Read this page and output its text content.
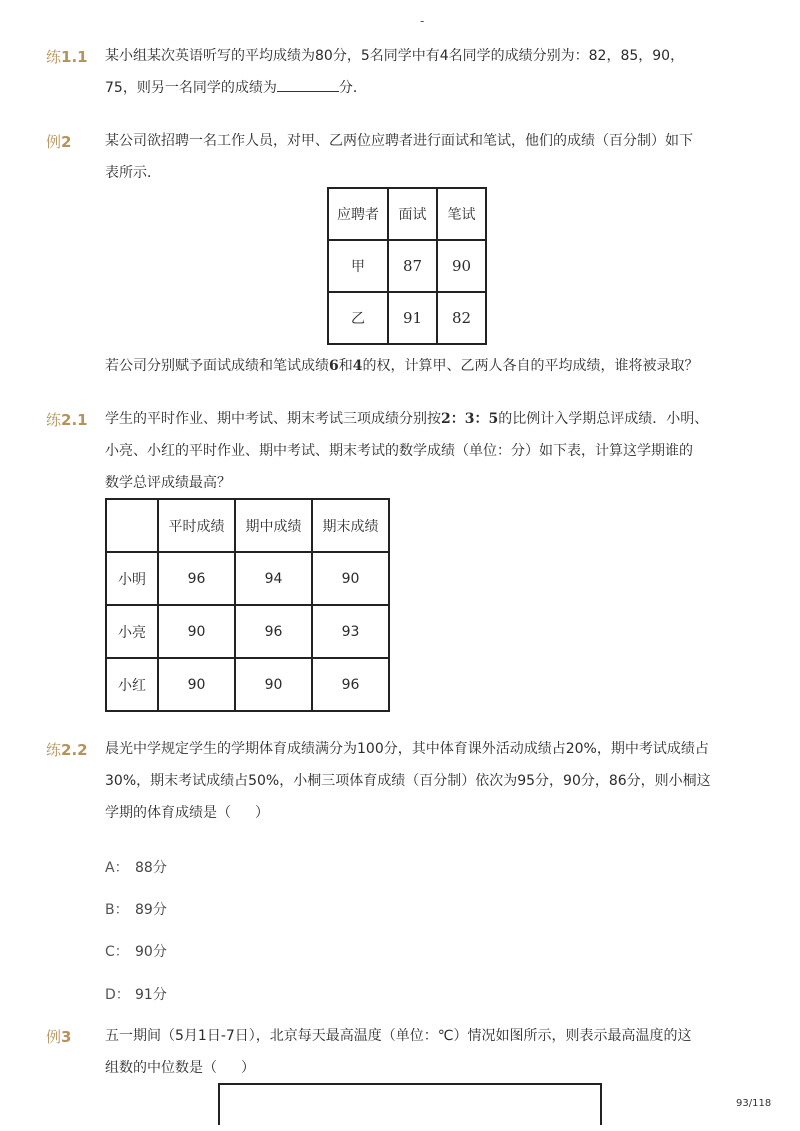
-
练1.1 某小组某次英语听写的平均成绩为80分，5名同学中有4名同学的成绩分别为：82，85，90，
75，则另一名同学的成绩为	分．
例2 某公司欲招聘一名工作人员，对甲、乙两位应聘者进行面试和笔试，他们的成绩（百分制）如下
表所示．
应聘者	面试	笔试
甲	87	90
乙	91	82
若公司分别赋予面试成绩和笔试成绩6和4的权，计算甲、乙两人各自的平均成绩，谁将被录取？
练2.1 学生的平时作业、期中考试、期末考试三项成绩分别按2：3：5的比例计入学期总评成绩．小明、
小亮、小红的平时作业、期中考试、期末考试的数学成绩（单位：分）如下表，计算这学期谁的
数学总评成绩最高？
	平时成绩	期中成绩	期末成绩
小明	96	94	90
小亮	90	96	93
小红	90	90	96
练2.2 晨光中学规定学生的学期体育成绩满分为100分，其中体育课外活动成绩占20%，期中考试成绩占
30%，期末考试成绩占50%，小桐三项体育成绩（百分制）依次为95分，90分，86分，则小桐这
学期的体育成绩是（ ）
A： 88分
B： 89分
C： 90分
D： 91分
例3 五一期间（5月1日-7日），北京每天最高温度（单位：℃）情况如图所示，则表示最高温度的这
组数的中位数是（ ）
93/118
